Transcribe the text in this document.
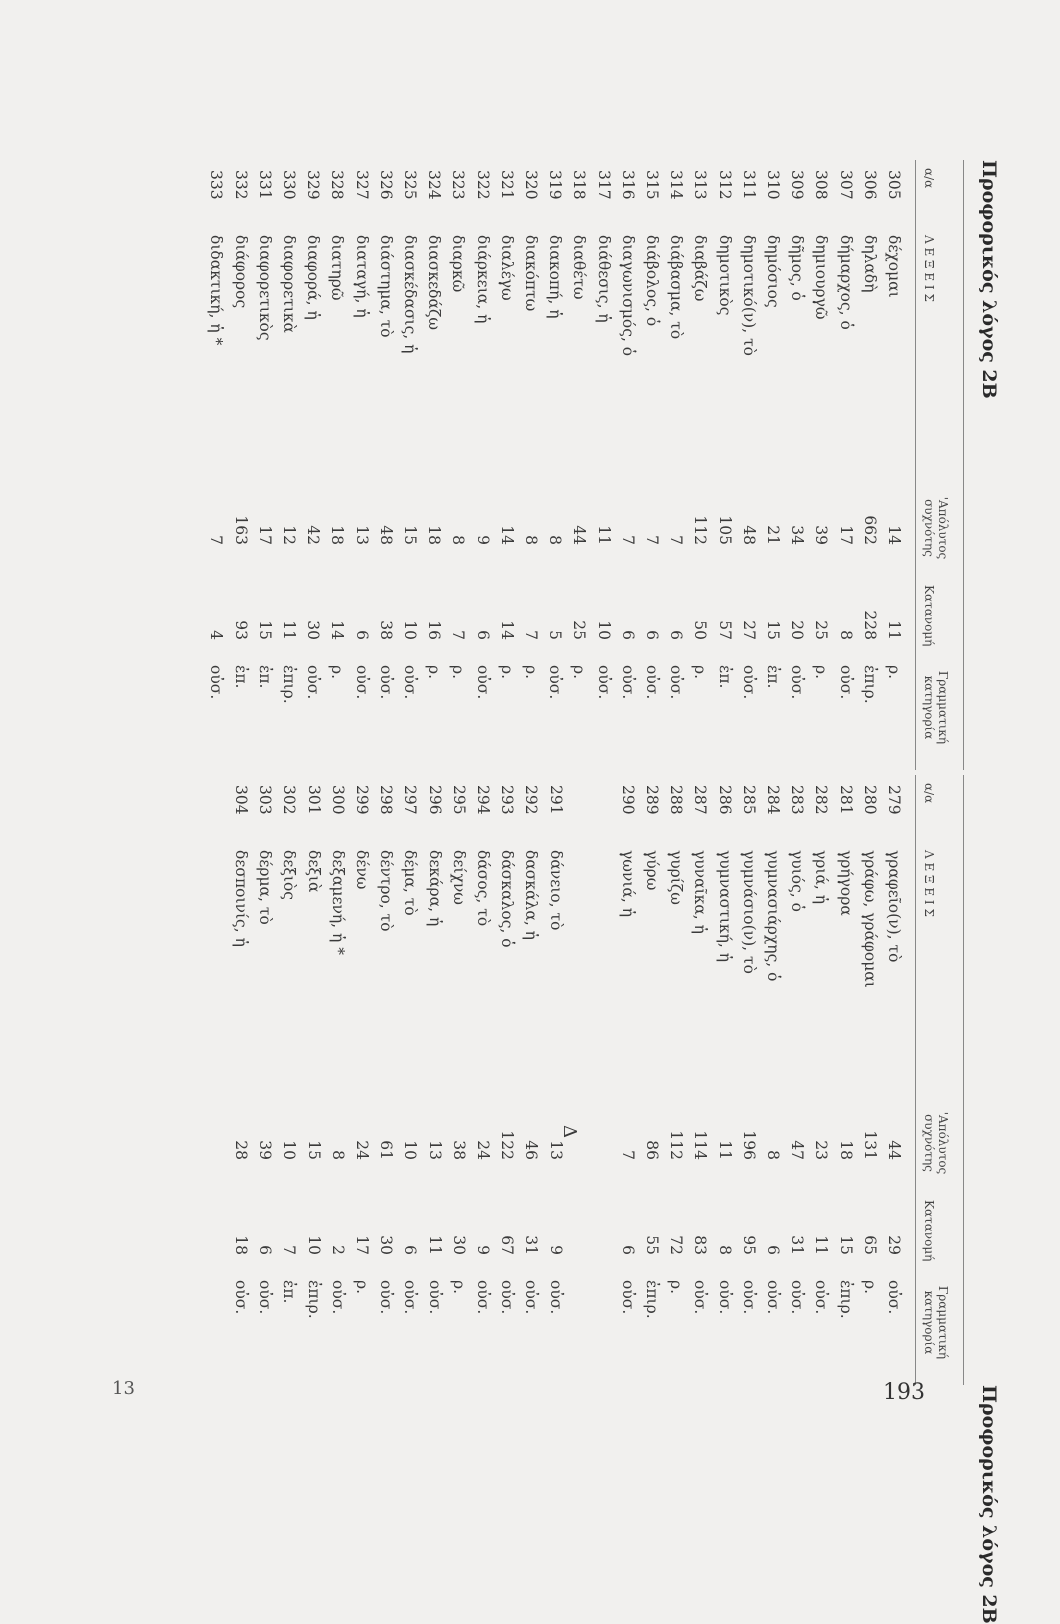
Προφορικός λόγος 2B
Προφορικός λόγος 2B
α/α
Λ Ε Ξ Ε Ι Σ
'Απόλυτος συχνότης
Κατανομή
Γραμματική κατηγορία
279
γραφεῖο(ν), τὸ
44
29
οὐσ.
280
γράφω, γράφομαι
131
65
ρ.
281
γρήγορα
18
15
ἐπιρ.
282
γριά, ἡ
23
11
οὐσ.
283
γυιός, ὁ
47
31
οὐσ.
284
γυμνασιάρχης, ὁ
8
6
οὐσ.
285
γυμνάσιο(ν), τὸ
196
95
οὐσ.
286
γυμναστική, ἡ
11
8
οὐσ.
287
γυναῖκα, ἡ
114
83
οὐσ.
288
γυρίζω
112
72
ρ.
289
γύρω
86
55
ἐπιρ.
290
γωνιά, ἡ
7
6
οὐσ.
291
δάνειο, τὸ
13
9
οὐσ.
292
δασκάλα, ἡ
46
31
οὐσ.
293
δάσκαλος, ὁ
122
67
οὐσ.
294
δάσος, τὸ
24
9
οὐσ.
295
δείχνω
38
30
ρ.
296
δεκάρα, ἡ
13
11
οὐσ.
297
δέμα, τὸ
10
6
οὐσ.
298
δέντρο, τὸ
61
30
οὐσ.
299
δένω
24
17
ρ.
300
δεξαμενή, ἡ *
8
2
οὐσ.
301
δεξιὰ
15
10
ἐπιρ.
302
δεξιὸς
10
7
ἐπ.
303
δέρμα, τὸ
39
6
οὐσ.
304
δεσποινίς, ἡ
28
18
οὐσ.
Δ
α/α
Λ Ε Ξ Ε Ι Σ
'Απόλυτος συχνότης
Κατανομή
Γραμματική κατηγορία
305
δέχομαι
14
11
ρ.
306
δηλαδὴ
662
228
ἐπιρ.
307
δήμαρχος, ὁ
17
8
οὐσ.
308
δημιουργῶ
39
25
ρ.
309
δῆμος, ὁ
34
20
οὐσ.
310
δημόσιος
21
15
ἐπ.
311
δημοτικό(ν), τὸ
48
27
οὐσ.
312
δημοτικὸς
105
57
ἐπ.
313
διαβάζω
112
50
ρ.
314
διάβασμα, τὸ
7
6
οὐσ.
315
διάβολος, ὁ
7
6
οὐσ.
316
διαγωνισμός, ὁ
7
6
οὐσ.
317
διάθεσις, ἡ
11
10
οὐσ.
318
διαθέτω
44
25
ρ.
319
διακοπή, ἡ
8
5
οὐσ.
320
διακόπτω
8
7
ρ.
321
διαλέγω
14
14
ρ.
322
διάρκεια, ἡ
9
6
οὐσ.
323
διαρκῶ
8
7
ρ.
324
διασκεδάζω
18
16
ρ.
325
διασκέδασις, ἡ
15
10
οὐσ.
326
διάστημα, τὸ
48
38
οὐσ.
327
διαταγή, ἡ
13
6
οὐσ.
328
διατηρῶ
18
14
ρ.
329
διαφορά, ἡ
42
30
οὐσ.
330
διαφορετικὰ
12
11
ἐπιρ.
331
διαφορετικὸς
17
15
ἐπ.
332
διάφορος
163
93
ἐπ.
333
διδακτική, ἡ *
7
4
οὐσ.
13	193
